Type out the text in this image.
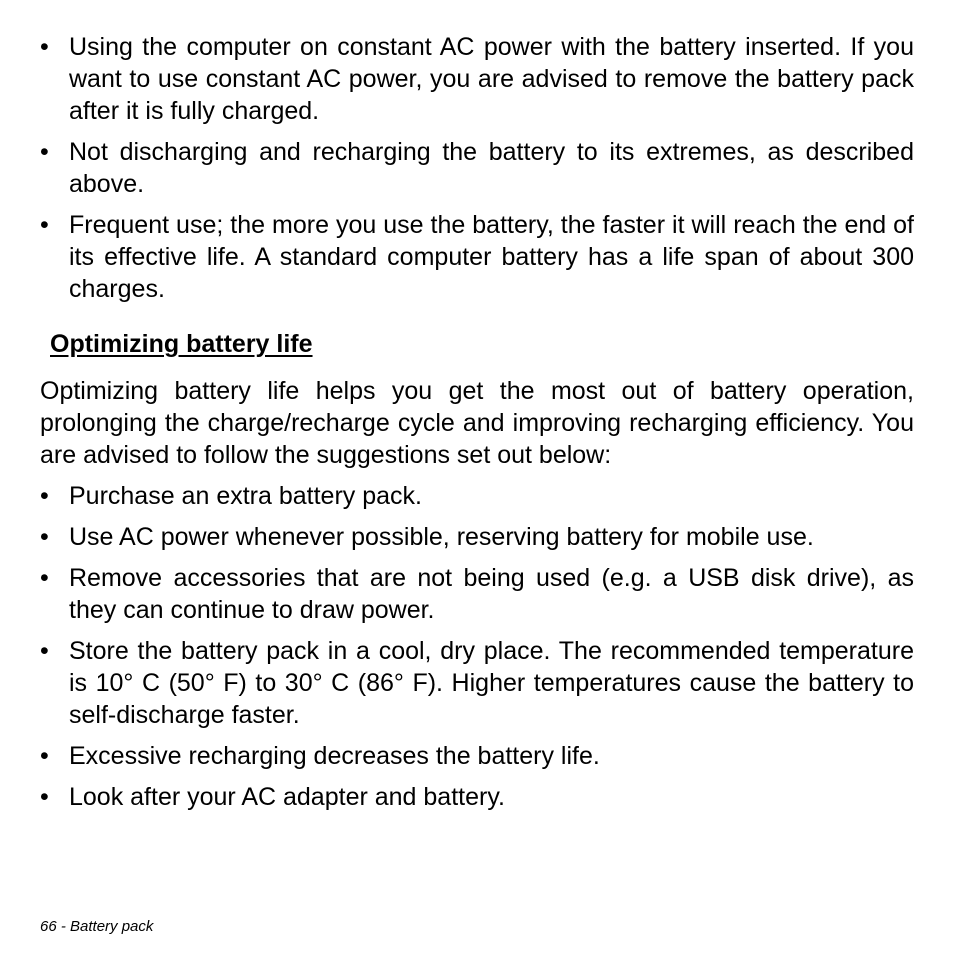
• Using the computer on constant AC power with the battery inserted. If you want to use constant AC power, you are advised to remove the battery pack after it is fully charged.
• Not discharging and recharging the battery to its extremes, as described above.
• Frequent use; the more you use the battery, the faster it will reach the end of its effective life. A standard computer battery has a life span of about 300 charges.
Optimizing battery life

Optimizing battery life helps you get the most out of battery operation, prolonging the charge/recharge cycle and improving recharging efficiency. You are advised to follow the suggestions set out below:

• Purchase an extra battery pack.
• Use AC power whenever possible, reserving battery for mobile use.
• Remove accessories that are not being used (e.g. a USB disk drive), as they can continue to draw power.
• Store the battery pack in a cool, dry place. The recommended temperature is 10° C (50° F) to 30° C (86° F). Higher temperatures cause the battery to self-discharge faster.
• Excessive recharging decreases the battery life.
• Look after your AC adapter and battery.
66 - Battery pack
